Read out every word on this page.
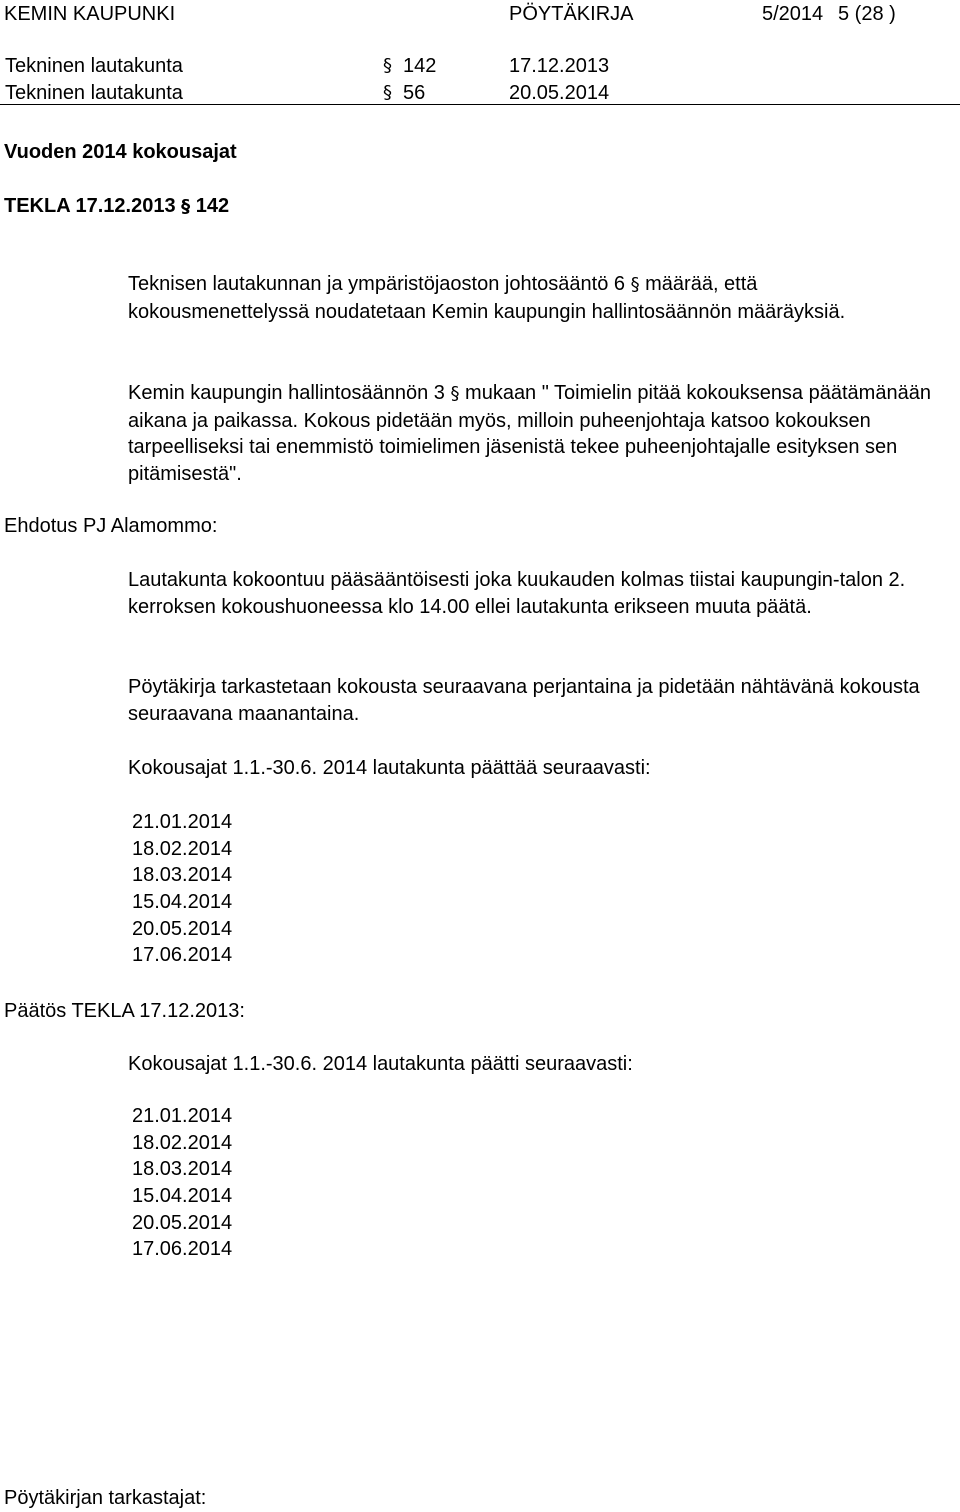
KEMIN KAUPUNKI	PÖYTÄKIRJA	5/2014 5 (28 )
Tekninen lautakunta	§ 142	17.12.2013
Tekninen lautakunta	§ 56	20.05.2014
Vuoden 2014 kokousajat
TEKLA 17.12.2013 § 142
Teknisen lautakunnan ja ympäristöjaoston johtosääntö 6 § määrää, että kokousmenettelyssä noudatetaan Kemin kaupungin hallintosäännön määräyksiä.
Kemin kaupungin hallintosäännön 3 § mukaan " Toimielin pitää kokouksensa päätämänään aikana ja paikassa. Kokous pidetään myös, milloin puheenjohtaja katsoo kokouksen tarpeelliseksi tai enemmistö toimielimen jäsenistä tekee puheenjohtajalle esityksen sen pitämisestä".
Ehdotus PJ Alamommo:
Lautakunta kokoontuu pääsääntöisesti joka kuukauden kolmas tiistai kaupungin-talon 2. kerroksen kokoushuoneessa klo 14.00 ellei lautakunta erikseen muuta päätä.
Pöytäkirja tarkastetaan kokousta seuraavana perjantaina ja pidetään nähtävänä kokousta seuraavana maanantaina.
Kokousajat 1.1.-30.6. 2014 lautakunta päättää seuraavasti:
21.01.2014
18.02.2014
18.03.2014
15.04.2014
20.05.2014
17.06.2014
Päätös TEKLA 17.12.2013:
Kokousajat 1.1.-30.6. 2014 lautakunta päätti seuraavasti:
21.01.2014
18.02.2014
18.03.2014
15.04.2014
20.05.2014
17.06.2014
Pöytäkirjan tarkastajat:
